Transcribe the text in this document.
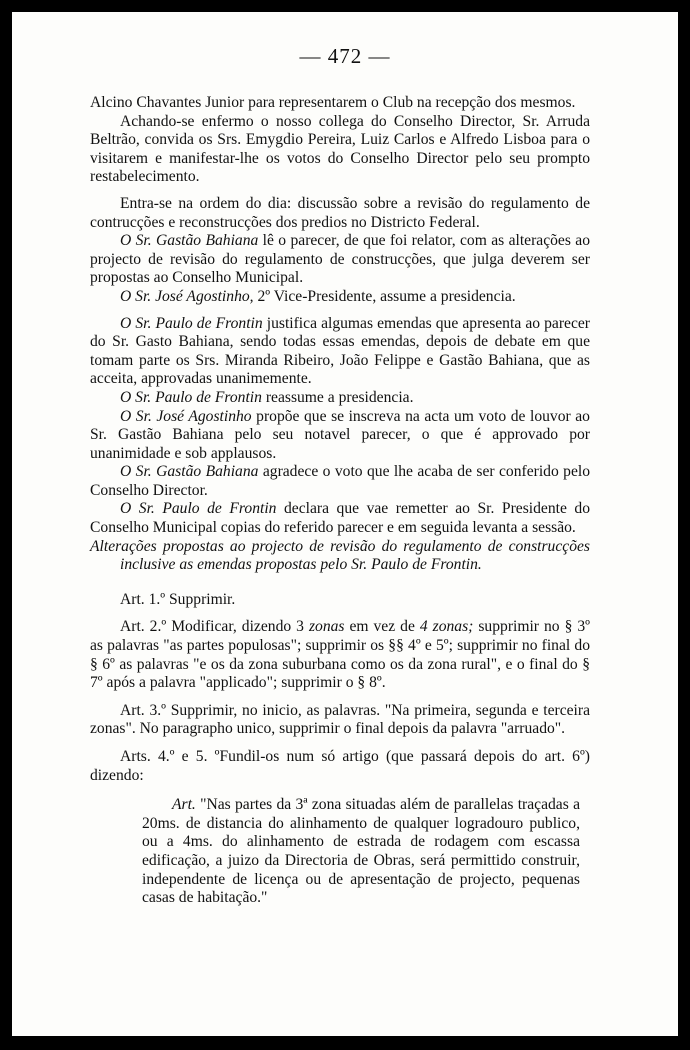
— 472 —

Alcino Chavantes Junior para representarem o Club na recepção dos mesmos.

Achando-se enfermo o nosso collega do Conselho Director, Sr. Arruda Beltrão, convida os Srs. Emygdio Pereira, Luiz Carlos e Alfredo Lisboa para o visitarem e manifestar-lhe os votos do Conselho Director pelo seu prompto restabelecimento.

Entra-se na ordem do dia: discussão sobre a revisão do regulamento de contrucções e reconstrucções dos predios no Districto Federal.

O Sr. Gastão Bahiana lê o parecer, de que foi relator, com as alterações ao projecto de revisão do regulamento de construcções, que julga deverem ser propostas ao Conselho Municipal.

O Sr. José Agostinho, 2º Vice-Presidente, assume a presidencia.

O Sr. Paulo de Frontin justifica algumas emendas que apresenta ao parecer do Sr. Gasto Bahiana, sendo todas essas emendas, depois de debate em que tomam parte os Srs. Miranda Ribeiro, João Felippe e Gastão Bahiana, que as acceita, approvadas unanimemente.

O Sr. Paulo de Frontin reassume a presidencia.

O Sr. José Agostinho propõe que se inscreva na acta um voto de louvor ao Sr. Gastão Bahiana pelo seu notavel parecer, o que é approvado por unanimidade e sob applausos.

O Sr. Gastão Bahiana agradece o voto que lhe acaba de ser conferido pelo Conselho Director.

O Sr. Paulo de Frontin declara que vae remetter ao Sr. Presidente do Conselho Municipal copias do referido parecer e em seguida levanta a sessão.

Alterações propostas ao projecto de revisão do regulamento de construcções inclusive as emendas propostas pelo Sr. Paulo de Frontin.

Art. 1.º Supprimir.

Art. 2.º Modificar, dizendo 3 zonas em vez de 4 zonas; supprimir no § 3º as palavras "as partes populosas"; supprimir os §§ 4º e 5º; supprimir no final do § 6º as palavras "e os da zona suburbana como os da zona rural", e o final do § 7º após a palavra "applicado"; supprimir o § 8º.

Art. 3.º Supprimir, no inicio, as palavras. "Na primeira, segunda e terceira zonas". No paragrapho unico, supprimir o final depois da palavra "arruado".

Arts. 4.º e 5. ºFundil-os num só artigo (que passará depois do art. 6º) dizendo:

Art. "Nas partes da 3ª zona situadas além de parallelas traçadas a 20ms. de distancia do alinhamento de qualquer logradouro publico, ou a 4ms. do alinhamento de estrada de rodagem com escassa edificação, a juizo da Directoria de Obras, será permittido construir, independente de licença ou de apresentação de projecto, pequenas casas de habitação."
